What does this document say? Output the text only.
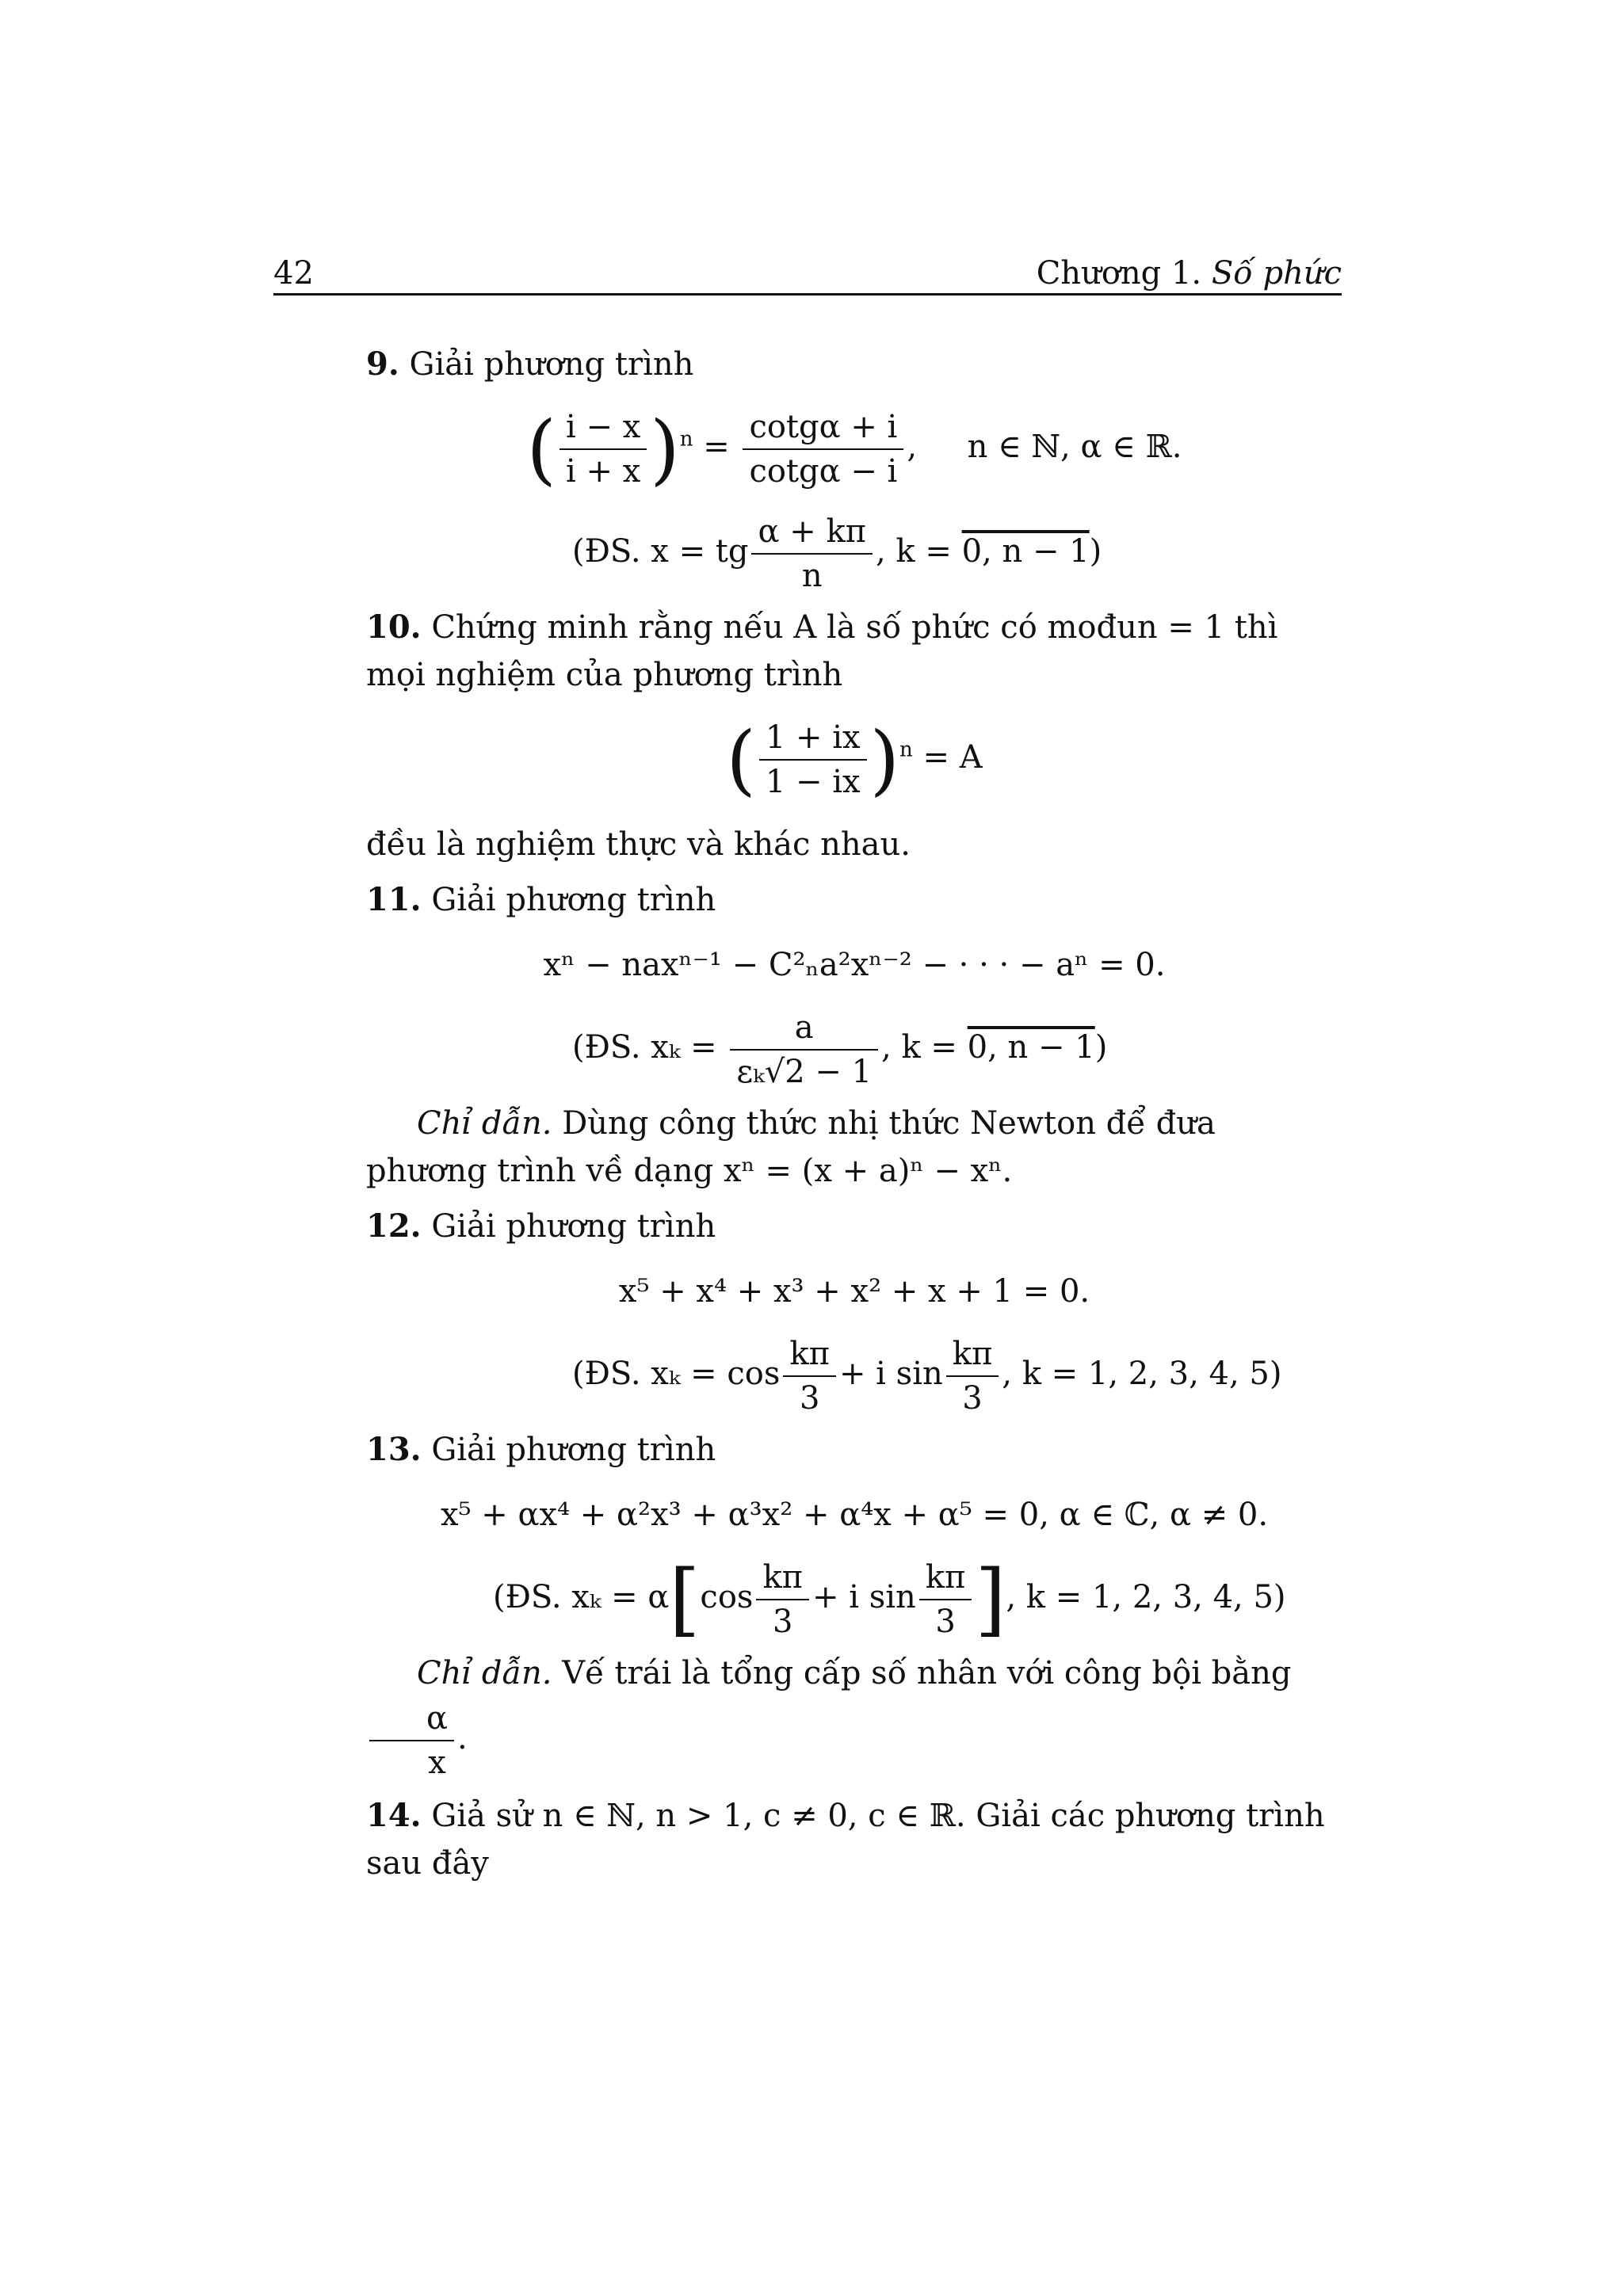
42	Chương 1. Số phức

9. Giải phương trình

( $\frac{i - x}{i + x} )^n = \frac{\cot g\alpha + i}{\cot g\alpha - i}$ ,     n ∈ ℕ, α ∈ ℝ.
(ĐS. x = tg $\frac{\alpha + k\pi}{n}$ , k = 0, n − 1)

10. Chứng minh rằng nếu A là số phức có mođun = 1 thì mọi nghiệm của phương trình

( $\frac{1 + ix}{1 - ix} )^n = A$

đều là nghiệm thực và khác nhau.

11. Giải phương trình

xⁿ − naxⁿ⁻¹ − C²ₙa²xⁿ⁻² − · · · − aⁿ = 0.
(ĐS. $x_k = \frac{a}{\text{εₖ√2 − 1}}$ , k = 0, n − 1)

Chỉ dẫn. Dùng công thức nhị thức Newton để đưa phương trình về dạng xⁿ = (x + a)ⁿ − xⁿ.

12. Giải phương trình

x⁵ + x⁴ + x³ + x² + x + 1 = 0.
(ĐS. $x_k = \cos \frac{k\pi}{3} + i$ $\sin \frac{k\pi}{3}$ , k = 1, 2, 3, 4, 5)

13. Giải phương trình

x⁵ + αx⁴ + α²x³ + α³x² + α⁴x + α⁵ = 0, α ∈ ℂ, α ≠ 0.
(ĐS. $x_k = \alpha[\cos \frac{k\pi}{3} + i$ $\sin \frac{k\pi}{3}$ ], k = 1, 2, 3, 4, 5)

Chỉ dẫn. Vế trái là tổng cấp số nhân với công bội bằng
$\frac{\alpha}{x}$ .

14. Giả sử n ∈ ℕ, n > 1, c ≠ 0, c ∈ ℝ. Giải các phương trình sau đây
